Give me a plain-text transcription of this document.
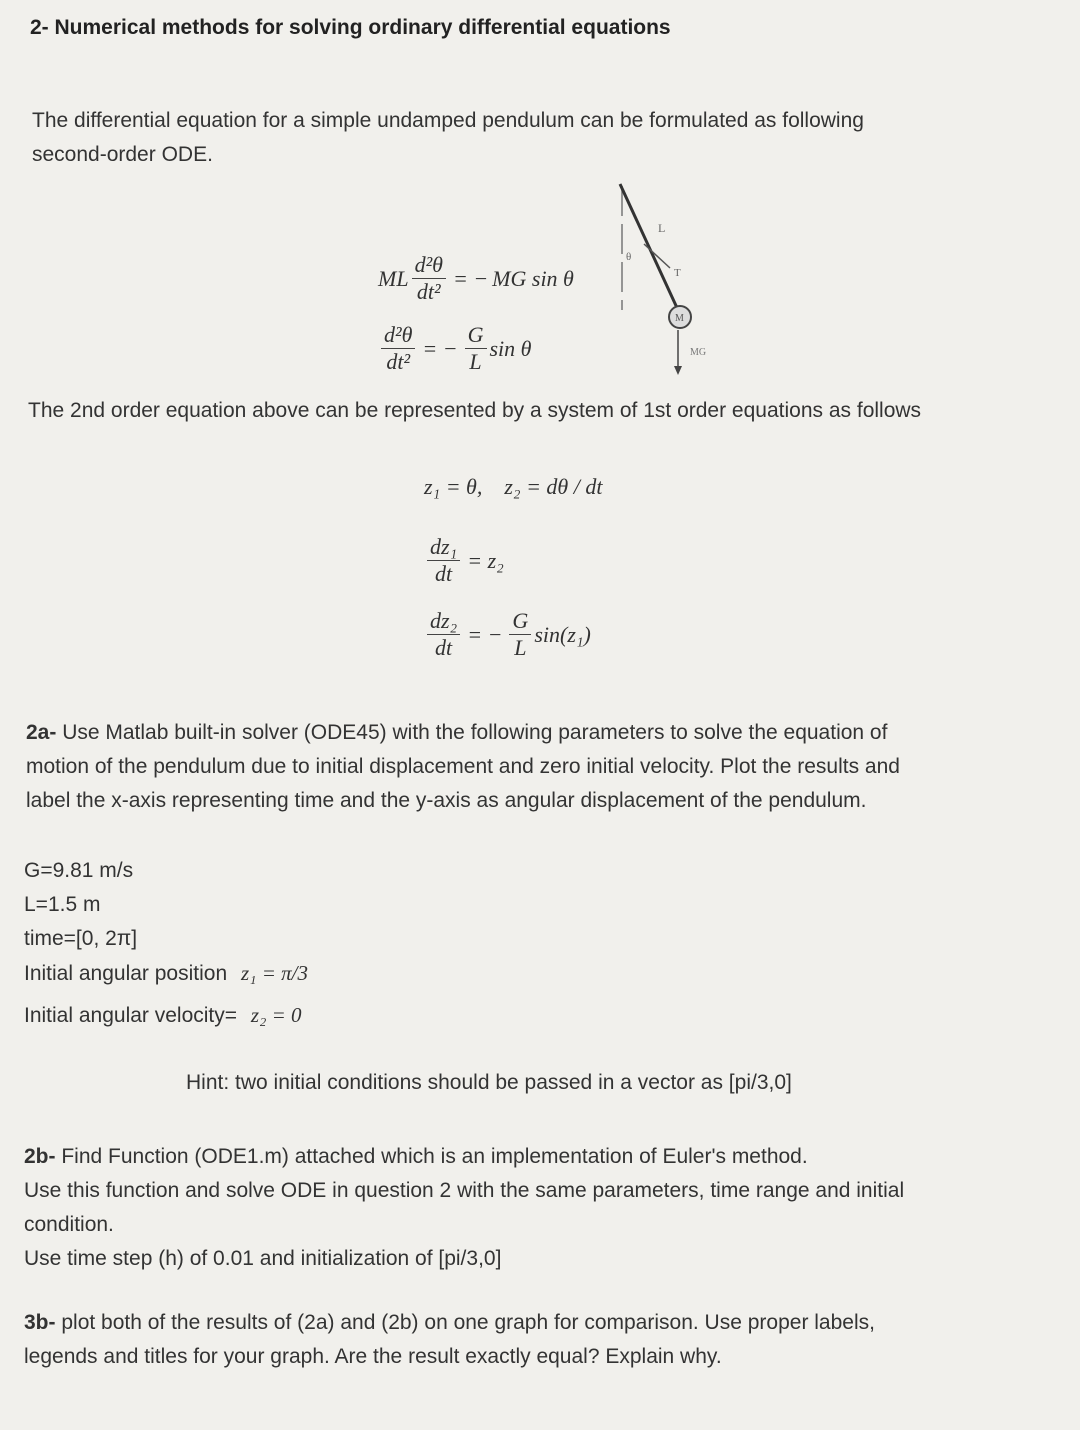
2- Numerical methods for solving ordinary differential equations
The differential equation for a simple undamped pendulum can be formulated as following
second-order ODE.
ML $\frac{\text{d²θ}}{\text{dt²}}$ = − MG sin θ
$\frac{\text{d²θ}}{\text{dt²}}$ = − $\frac{G}{L}$ sin θ
L
θ
T
M
MG
The 2nd order equation above can be represented by a system of 1st order equations as follows
z₁ = θ, z₂ = dθ / dt
$\frac{\text{dz₁}}{dt} = z_2$
$\frac{\text{dz₂}}{dt}$ = − $\frac{G}{L} \sin(z_1)$
2a- Use Matlab built-in solver (ODE45) with the following parameters to solve the equation of
motion of the pendulum due to initial displacement and zero initial velocity. Plot the results and
label the x-axis representing time and the y-axis as angular displacement of the pendulum.
G=9.81 m/s
L=1.5 m
time=[0, 2π]
Initial angular position z₁ = π/3
Initial angular velocity= z₂ = 0
Hint: two initial conditions should be passed in a vector as [pi/3,0]
2b- Find Function (ODE1.m) attached which is an implementation of Euler's method.
Use this function and solve ODE in question 2 with the same parameters, time range and initial
condition.
Use time step (h) of 0.01 and initialization of [pi/3,0]
3b- plot both of the results of (2a) and (2b) on one graph for comparison. Use proper labels,
legends and titles for your graph. Are the result exactly equal? Explain why.
